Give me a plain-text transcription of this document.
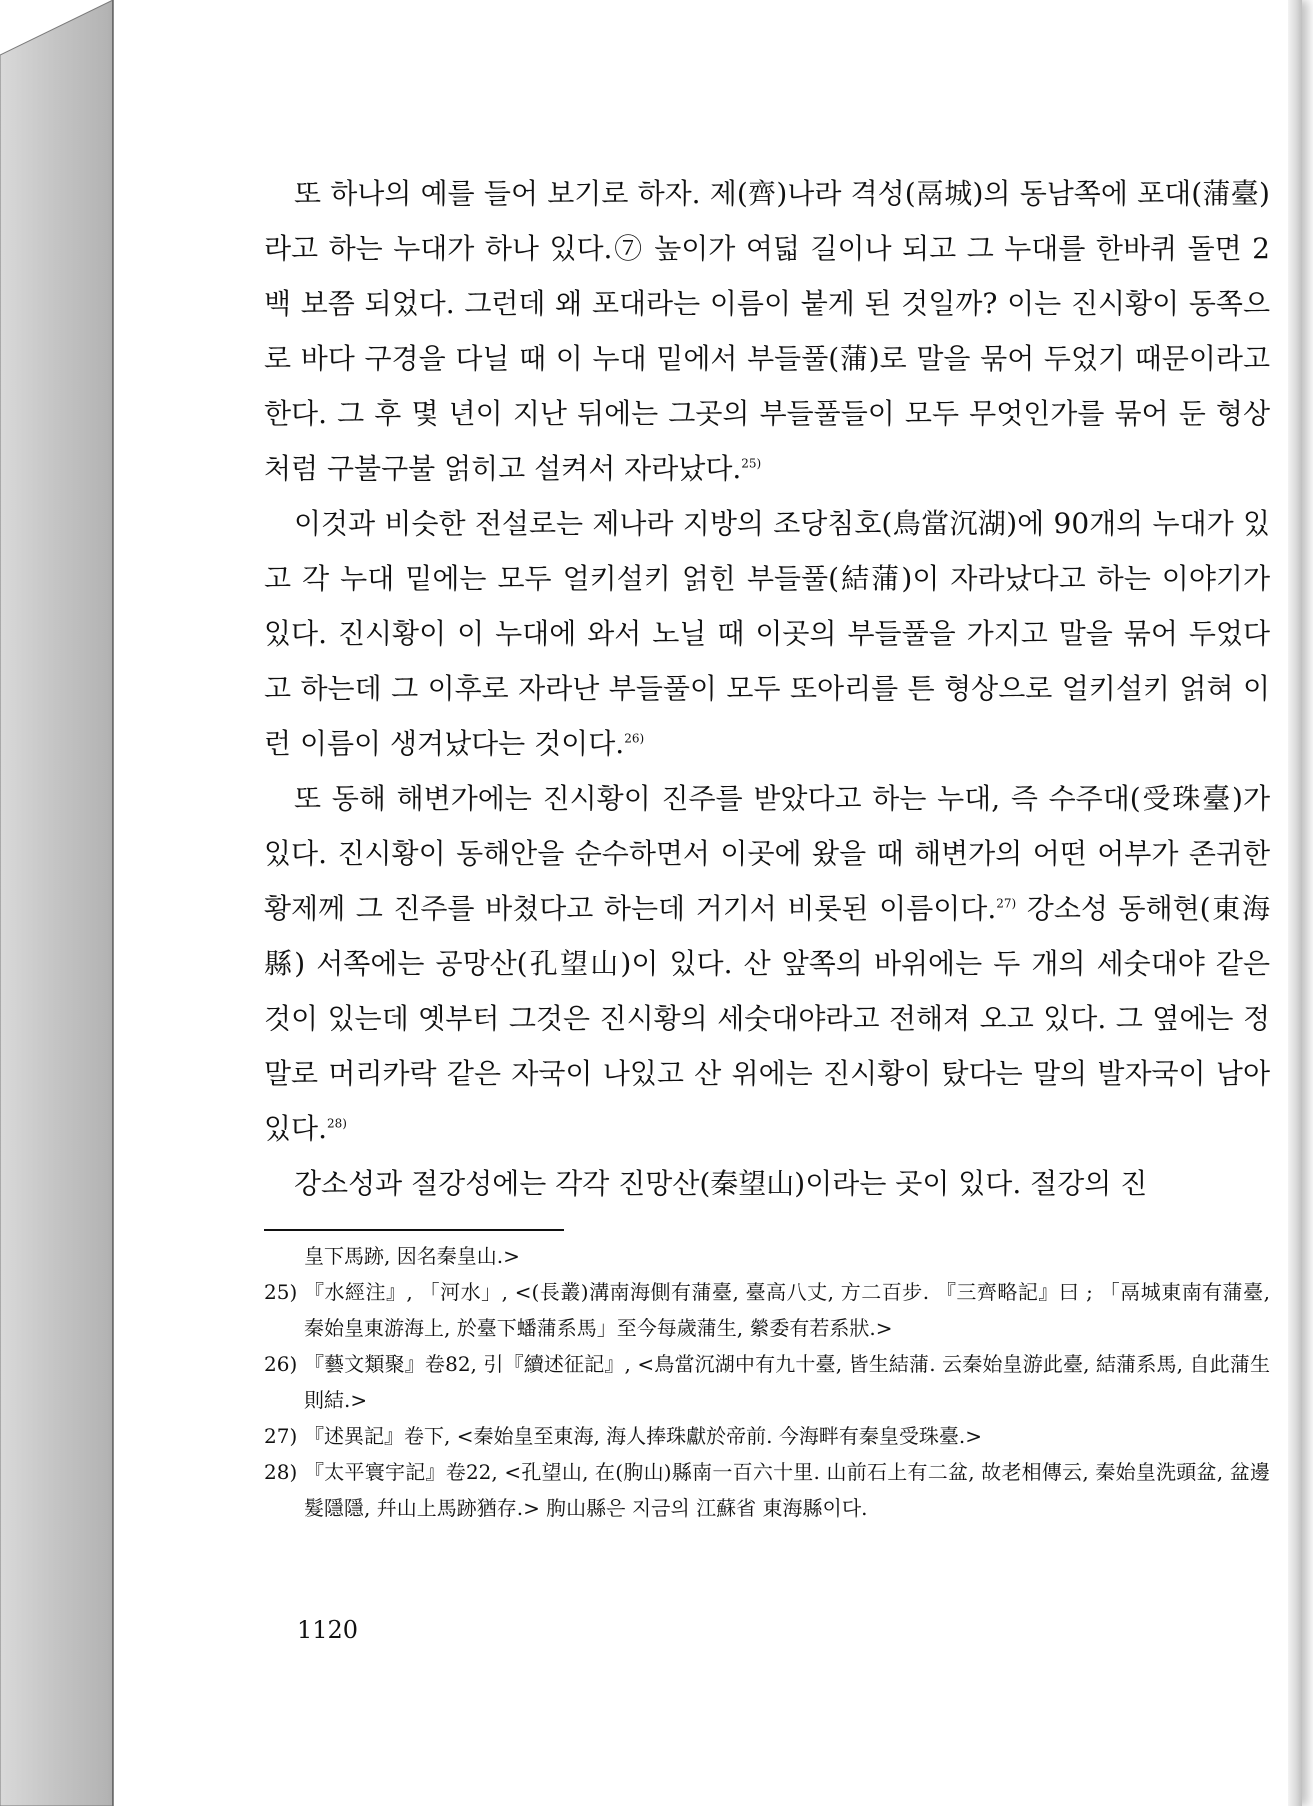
또 하나의 예를 들어 보기로 하자. 제(齊)나라 격성(鬲城)의 동남쪽에 포대(蒲臺)라고 하는 누대가 하나 있다.⑦ 높이가 여덟 길이나 되고 그 누대를 한바퀴 돌면 2백 보쯤 되었다. 그런데 왜 포대라는 이름이 붙게 된 것일까? 이는 진시황이 동쪽으로 바다 구경을 다닐 때 이 누대 밑에서 부들풀(蒲)로 말을 묶어 두었기 때문이라고 한다. 그 후 몇 년이 지난 뒤에는 그곳의 부들풀들이 모두 무엇인가를 묶어 둔 형상처럼 구불구불 얽히고 설켜서 자라났다.$^{25)}$

이것과 비슷한 전설로는 제나라 지방의 조당침호(鳥當沉湖)에 90개의 누대가 있고 각 누대 밑에는 모두 얼키설키 얽힌 부들풀(結蒲)이 자라났다고 하는 이야기가 있다. 진시황이 이 누대에 와서 노닐 때 이곳의 부들풀을 가지고 말을 묶어 두었다고 하는데 그 이후로 자라난 부들풀이 모두 또아리를 튼 형상으로 얼키설키 얽혀 이런 이름이 생겨났다는 것이다.$^{26)}$

또 동해 해변가에는 진시황이 진주를 받았다고 하는 누대, 즉 수주대(受珠臺)가 있다. 진시황이 동해안을 순수하면서 이곳에 왔을 때 해변가의 어떤 어부가 존귀한 황제께 그 진주를 바쳤다고 하는데 거기서 비롯된 이름이다.$^{27)}$ 강소성 동해현(東海縣) 서쪽에는 공망산(孔望山)이 있다. 산 앞쪽의 바위에는 두 개의 세숫대야 같은 것이 있는데 옛부터 그것은 진시황의 세숫대야라고 전해져 오고 있다. 그 옆에는 정말로 머리카락 같은 자국이 나있고 산 위에는 진시황이 탔다는 말의 발자국이 남아 있다.$^{28)}$

강소성과 절강성에는 각각 진망산(秦望山)이라는 곳이 있다. 절강의 진

皇下馬跡, 因名秦皇山.>
25) 『水經注』, 「河水」, <(長叢)溝南海側有蒲臺, 臺高八丈, 方二百步. 『三齊略記』曰 ; 「鬲城東南有蒲臺, 秦始皇東游海上, 於臺下蟠蒲系馬」至今每歲蒲生, 縈委有若系狀.>
26) 『藝文類聚』卷82, 引『續述征記』, <鳥當沉湖中有九十臺, 皆生結蒲. 云秦始皇游此臺, 結蒲系馬, 自此蒲生則結.>
27) 『述異記』卷下, <秦始皇至東海, 海人捧珠獻於帝前. 今海畔有秦皇受珠臺.>
28) 『太平寰宇記』卷22, <孔望山, 在(朐山)縣南一百六十里. 山前石上有二盆, 故老相傳云, 秦始皇洗頭盆, 盆邊髮隱隱, 幷山上馬跡猶存.> 朐山縣은 지금의 江蘇省 東海縣이다.
1120
